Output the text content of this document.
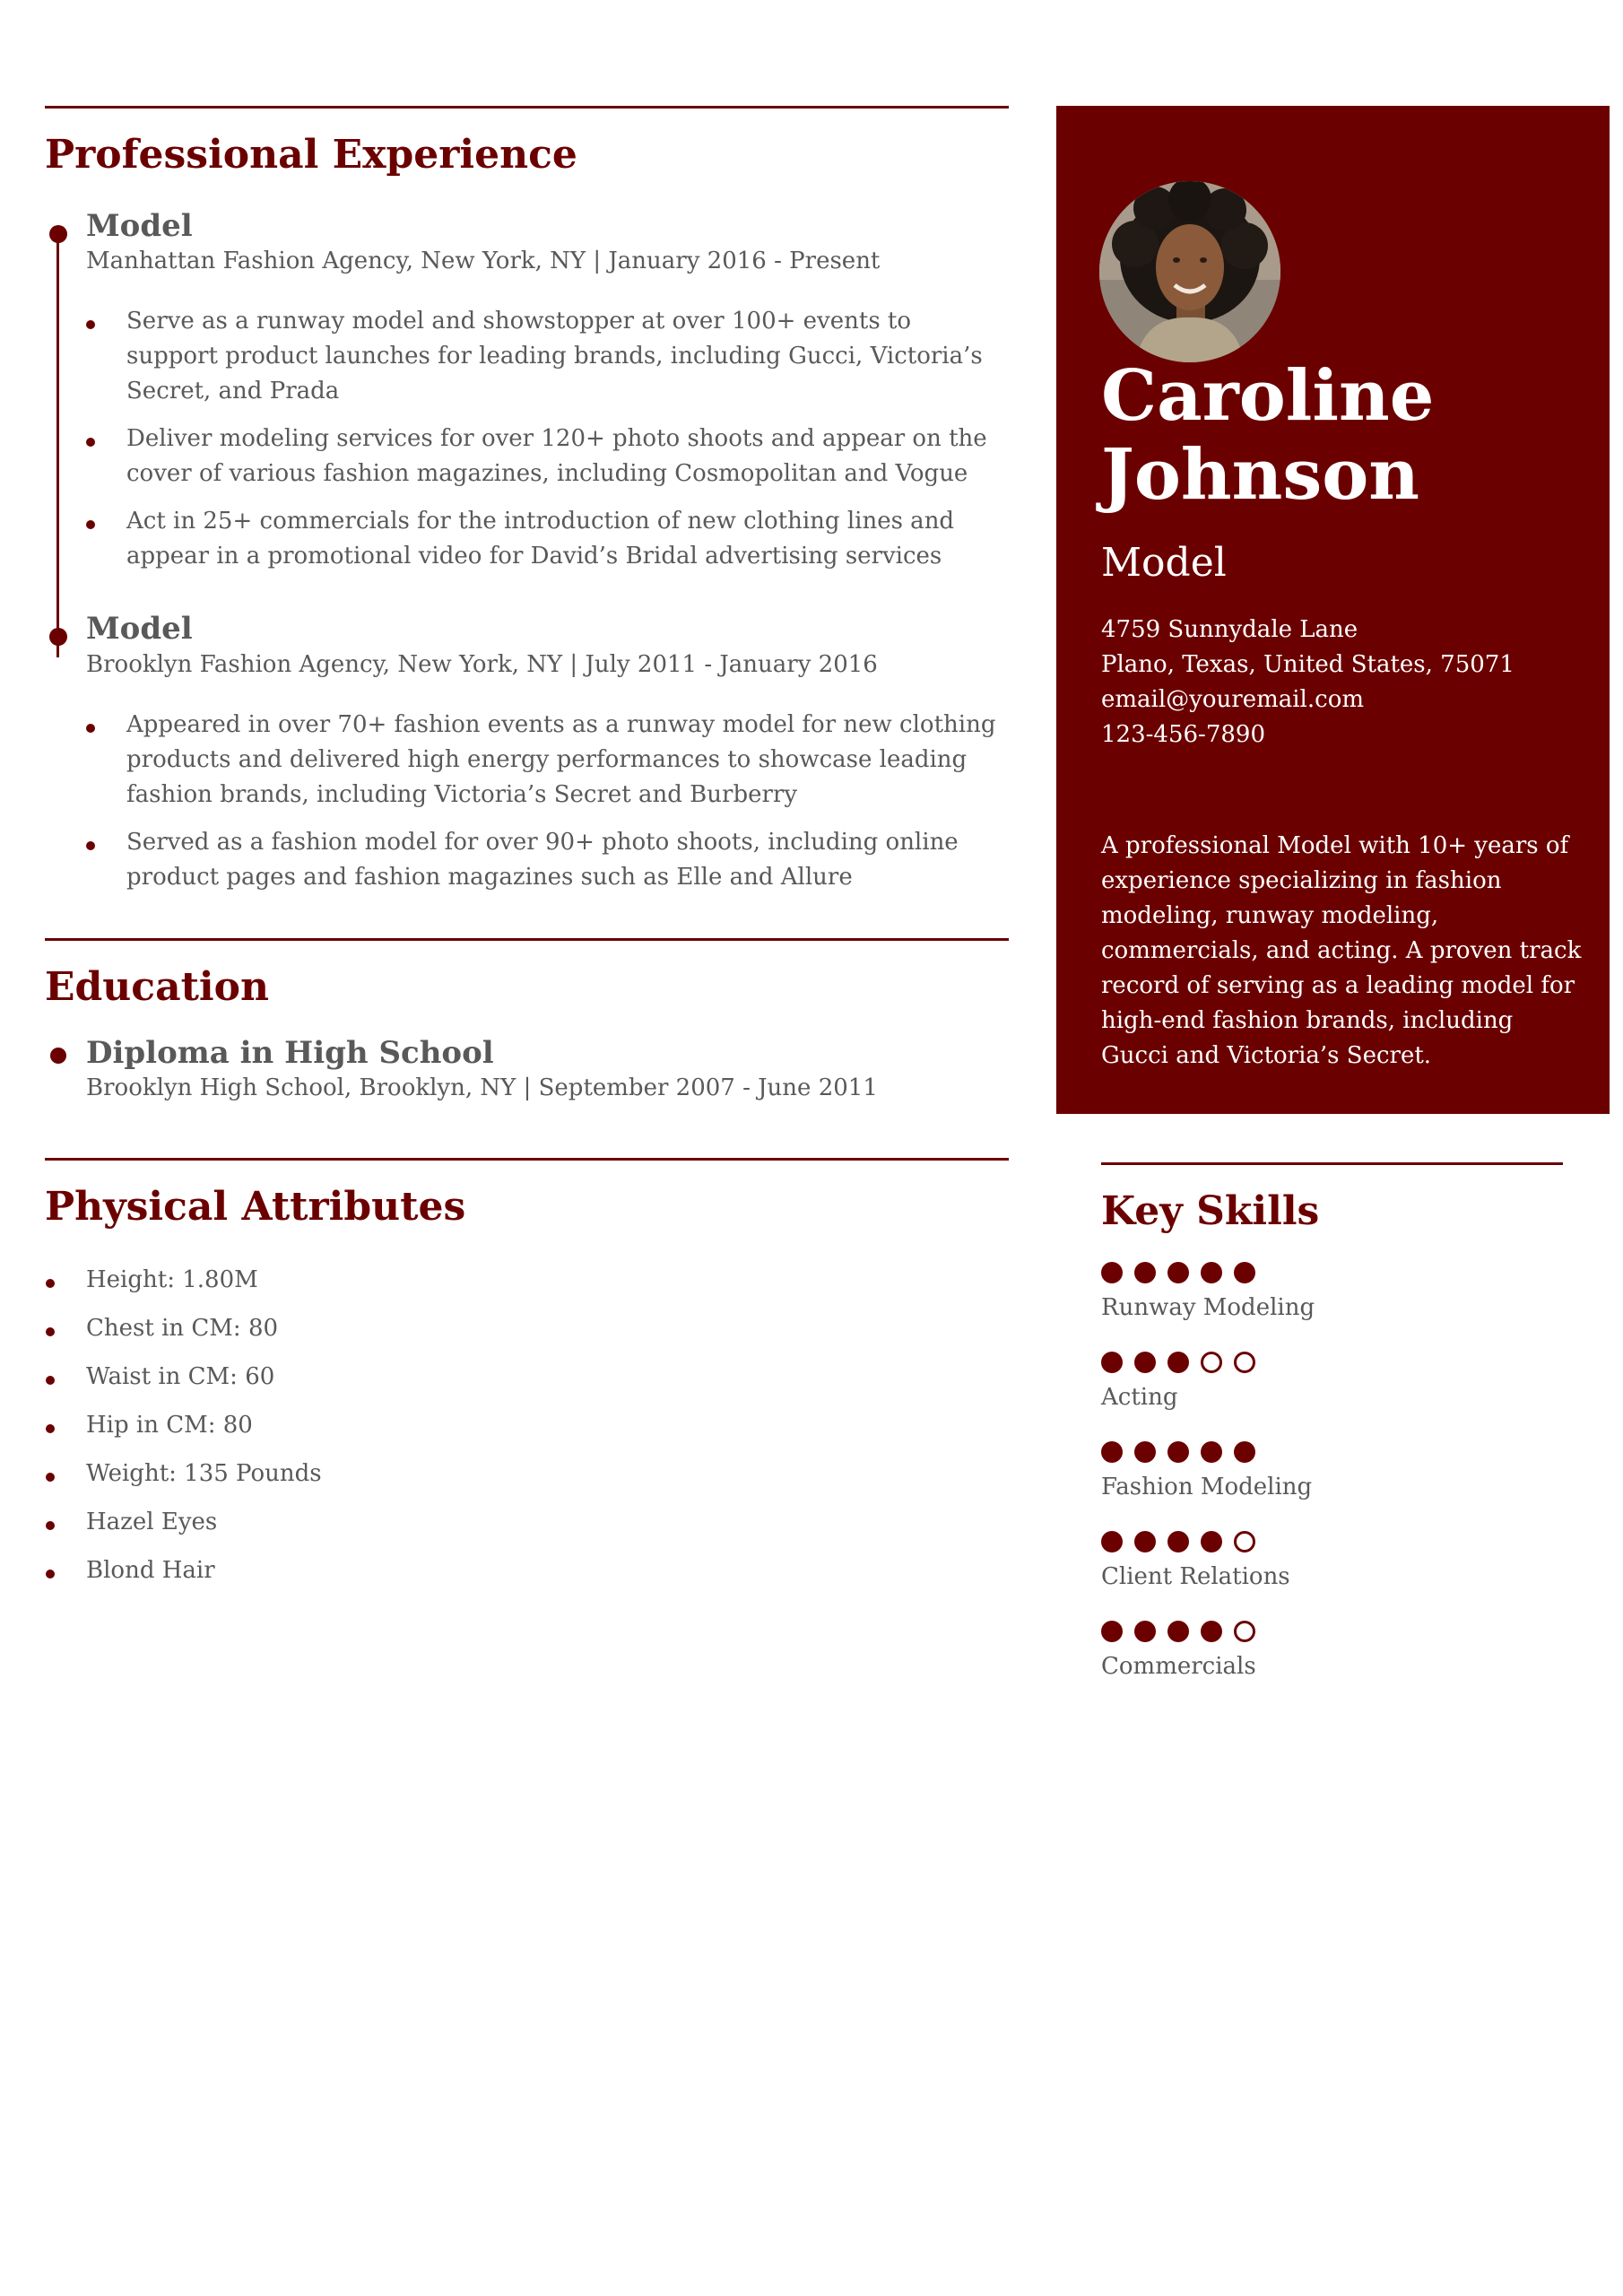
Professional Experience
Model
Manhattan Fashion Agency, New York, NY | January 2016 - Present
Serve as a runway model and showstopper at over 100+ events to support product launches for leading brands, including Gucci, Victoria’s Secret, and Prada
Deliver modeling services for over 120+ photo shoots and appear on the cover of various fashion magazines, including Cosmopolitan and Vogue
Act in 25+ commercials for the introduction of new clothing lines and appear in a promotional video for David’s Bridal advertising services
Model
Brooklyn Fashion Agency, New York, NY | July 2011 - January 2016
Appeared in over 70+ fashion events as a runway model for new clothing products and delivered high energy performances to showcase leading fashion brands, including Victoria’s Secret and Burberry
Served as a fashion model for over 90+ photo shoots, including online product pages and fashion magazines such as Elle and Allure
Education
Diploma in High School
Brooklyn High School, Brooklyn, NY | September 2007 - June 2011
Physical Attributes
Height: 1.80M
Chest in CM: 80
Waist in CM: 60
Hip in CM: 80
Weight: 135 Pounds
Hazel Eyes
Blond Hair
Caroline
Johnson
Model
4759 Sunnydale Lane
Plano, Texas, United States, 75071
email@youremail.com
123-456-7890
A professional Model with 10+ years of experience specializing in fashion modeling, runway modeling, commercials, and acting. A proven track record of serving as a leading model for high-end fashion brands, including Gucci and Victoria’s Secret.
Key Skills
Runway Modeling
Acting
Fashion Modeling
Client Relations
Commercials
